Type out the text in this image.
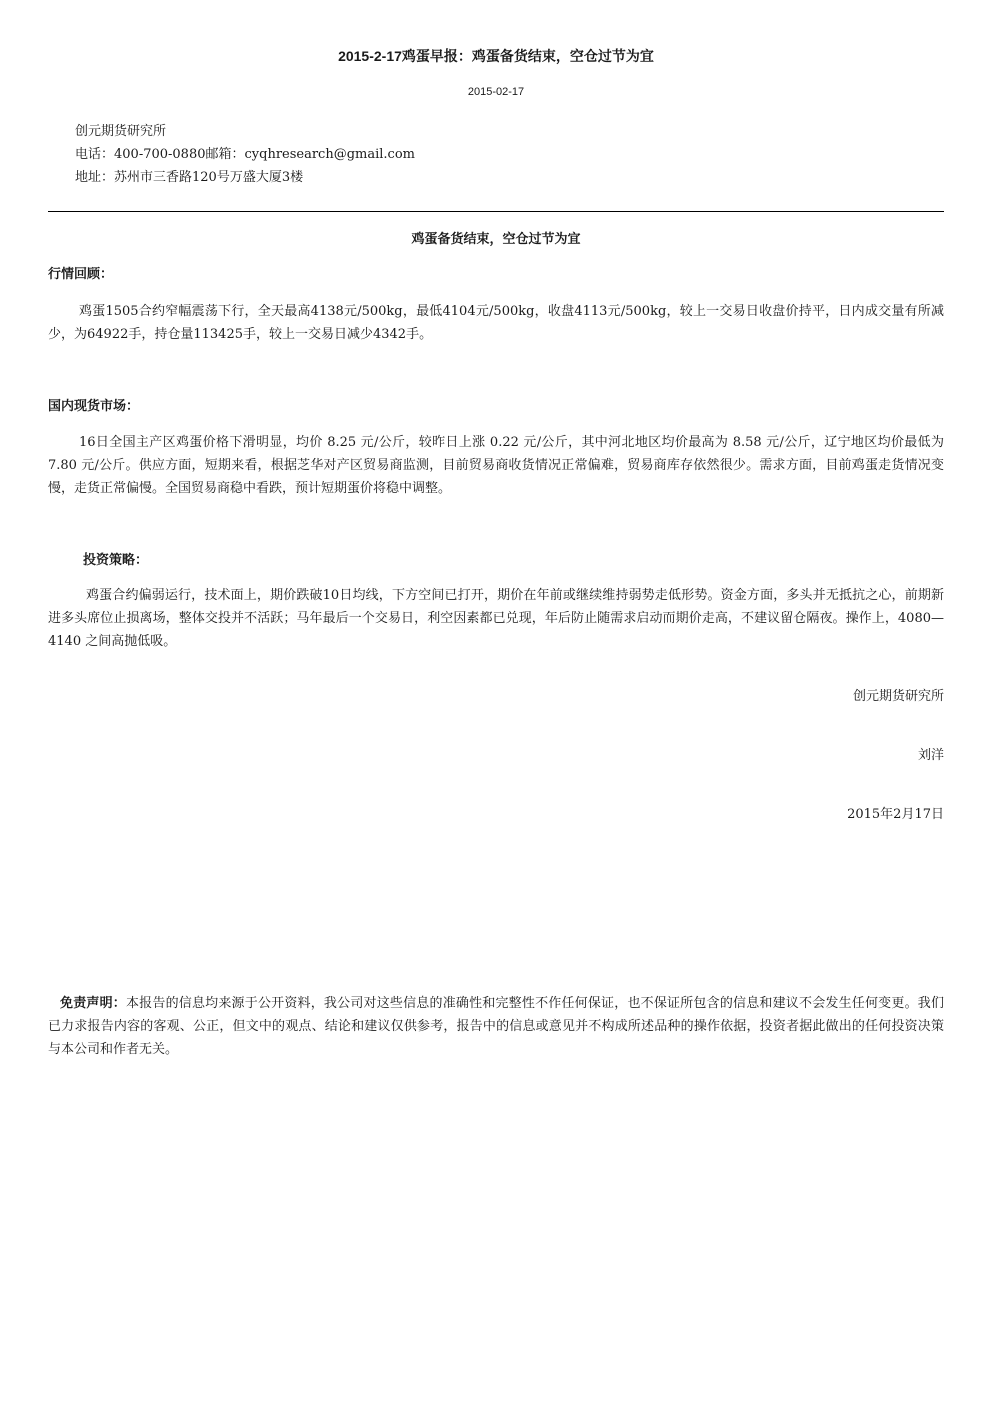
2015-2-17鸡蛋早报：鸡蛋备货结束，空仓过节为宜
2015-02-17
创元期货研究所
电话：400-700-0880邮箱：cyqhresearch@gmail.com
地址：苏州市三香路120号万盛大厦3楼
鸡蛋备货结束，空仓过节为宜
行情回顾：
鸡蛋1505合约窄幅震荡下行，全天最高4138元/500kg，最低4104元/500kg，收盘4113元/500kg，较上一交易日收盘价持平，日内成交量有所减少，为64922手，持仓量113425手，较上一交易日减少4342手。
国内现货市场：
16日全国主产区鸡蛋价格下滑明显，均价 8.25 元/公斤，较昨日上涨 0.22 元/公斤，其中河北地区均价最高为 8.58 元/公斤，辽宁地区均价最低为 7.80 元/公斤。供应方面，短期来看，根据芝华对产区贸易商监测，目前贸易商收货情况正常偏难，贸易商库存依然很少。需求方面，目前鸡蛋走货情况变慢，走货正常偏慢。全国贸易商稳中看跌，预计短期蛋价将稳中调整。
投资策略：
鸡蛋合约偏弱运行，技术面上，期价跌破10日均线，下方空间已打开，期价在年前或继续维持弱势走低形势。资金方面，多头并无抵抗之心，前期新进多头席位止损离场，整体交投并不活跃；马年最后一个交易日，利空因素都已兑现，年后防止随需求启动而期价走高，不建议留仓隔夜。操作上，4080—4140 之间高抛低吸。
创元期货研究所
刘洋
2015年2月17日
免责声明：本报告的信息均来源于公开资料，我公司对这些信息的准确性和完整性不作任何保证，也不保证所包含的信息和建议不会发生任何变更。我们已力求报告内容的客观、公正，但文中的观点、结论和建议仅供参考，报告中的信息或意见并不构成所述品种的操作依据，投资者据此做出的任何投资决策与本公司和作者无关。
